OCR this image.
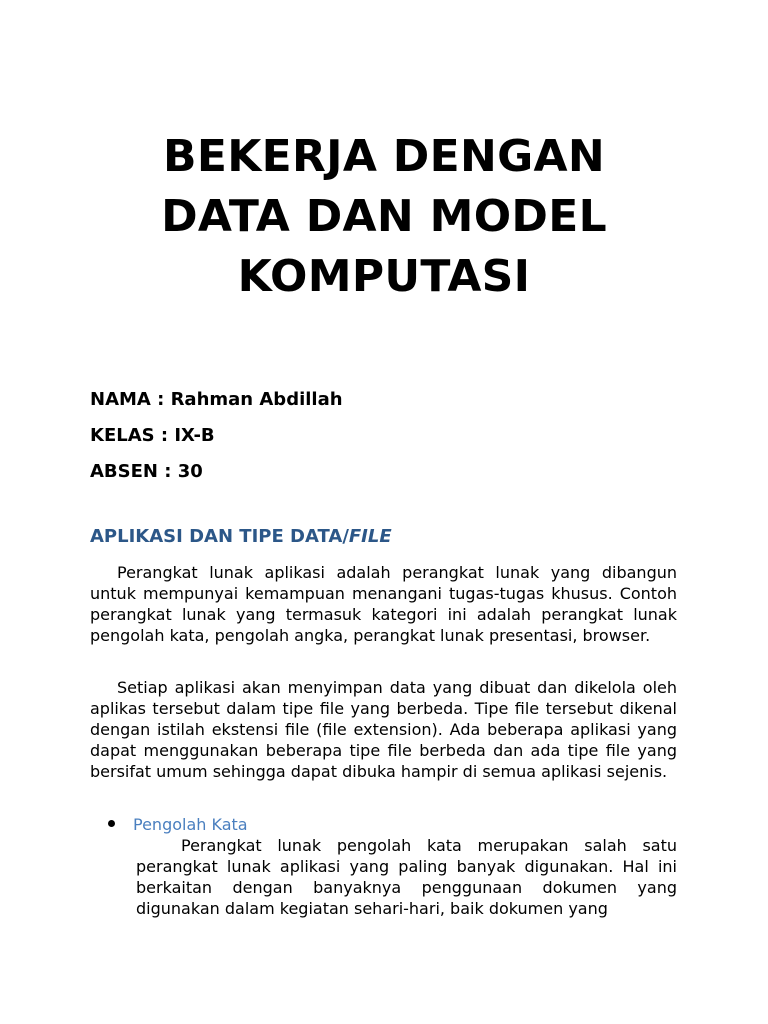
BEKERJA DENGAN
DATA DAN MODEL
KOMPUTASI
NAMA : Rahman Abdillah
KELAS : IX-B
ABSEN : 30
APLIKASI DAN TIPE DATA/FILE

Perangkat lunak aplikasi adalah perangkat lunak yang dibangun untuk mempunyai kemampuan menangani tugas-tugas khusus. Contoh perangkat lunak yang termasuk kategori ini adalah perangkat lunak pengolah kata, pengolah angka, perangkat lunak presentasi, browser.

Setiap aplikasi akan menyimpan data yang dibuat dan dikelola oleh aplikas tersebut dalam tipe file yang berbeda. Tipe file tersebut dikenal dengan istilah ekstensi file (file extension). Ada beberapa aplikasi yang dapat menggunakan beberapa tipe file berbeda dan ada tipe file yang bersifat umum sehingga dapat dibuka hampir di semua aplikasi sejenis.

Pengolah Kata

Perangkat lunak pengolah kata merupakan salah satu perangkat lunak aplikasi yang paling banyak digunakan. Hal ini berkaitan dengan banyaknya penggunaan dokumen yang digunakan dalam kegiatan sehari-hari, baik dokumen yang
